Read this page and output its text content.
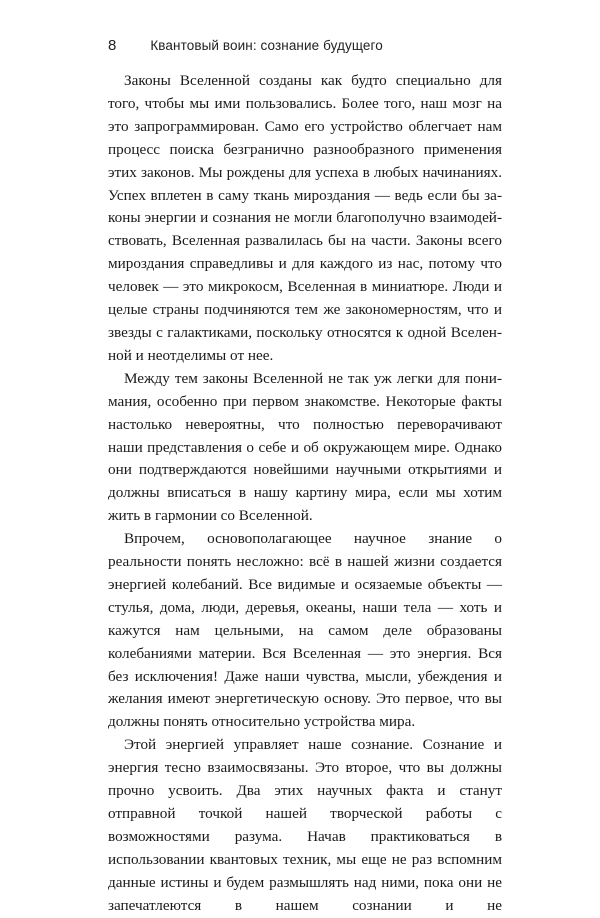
8	Квантовый воин: сознание будущего

Законы Вселенной созданы как будто специально для того, чтобы мы ими пользовались. Более того, наш мозг на это запрограммирован. Само его устройство облегчает нам процесс поиска безгранично разнообразного применения этих законов. Мы рождены для успеха в любых начинаниях. Успех вплетен в саму ткань мироздания — ведь если бы законы энергии и сознания не могли благополучно взаимодействовать, Вселенная развалилась бы на части. Законы всего мироздания справедливы и для каждого из нас, потому что человек — это микрокосм, Вселенная в миниатюре. Люди и целые страны подчиняются тем же закономерностям, что и звезды с галактиками, поскольку относятся к одной Вселенной и неотделимы от нее.

Между тем законы Вселенной не так уж легки для понимания, особенно при первом знакомстве. Некоторые факты настолько невероятны, что полностью переворачивают наши представления о себе и об окружающем мире. Однако они подтверждаются новейшими научными открытиями и должны вписаться в нашу картину мира, если мы хотим жить в гармонии со Вселенной.

Впрочем, основополагающее научное знание о реальности понять несложно: всё в нашей жизни создается энергией колебаний. Все видимые и осязаемые объекты — стулья, дома, люди, деревья, океаны, наши тела — хоть и кажутся нам цельными, на самом деле образованы колебаниями материи. Вся Вселенная — это энергия. Вся без исключения! Даже наши чувства, мысли, убеждения и желания имеют энергетическую основу. Это первое, что вы должны понять относительно устройства мира.

Этой энергией управляет наше сознание. Сознание и энергия тесно взаимосвязаны. Это второе, что вы должны прочно усвоить. Два этих научных факта и станут отправной точкой нашей творческой работы с возможностями разума. Начав практиковаться в использовании квантовых техник, мы еще не раз вспомним данные истины и будем размышлять над ними, пока они не запечатлеются в нашем сознании и не
